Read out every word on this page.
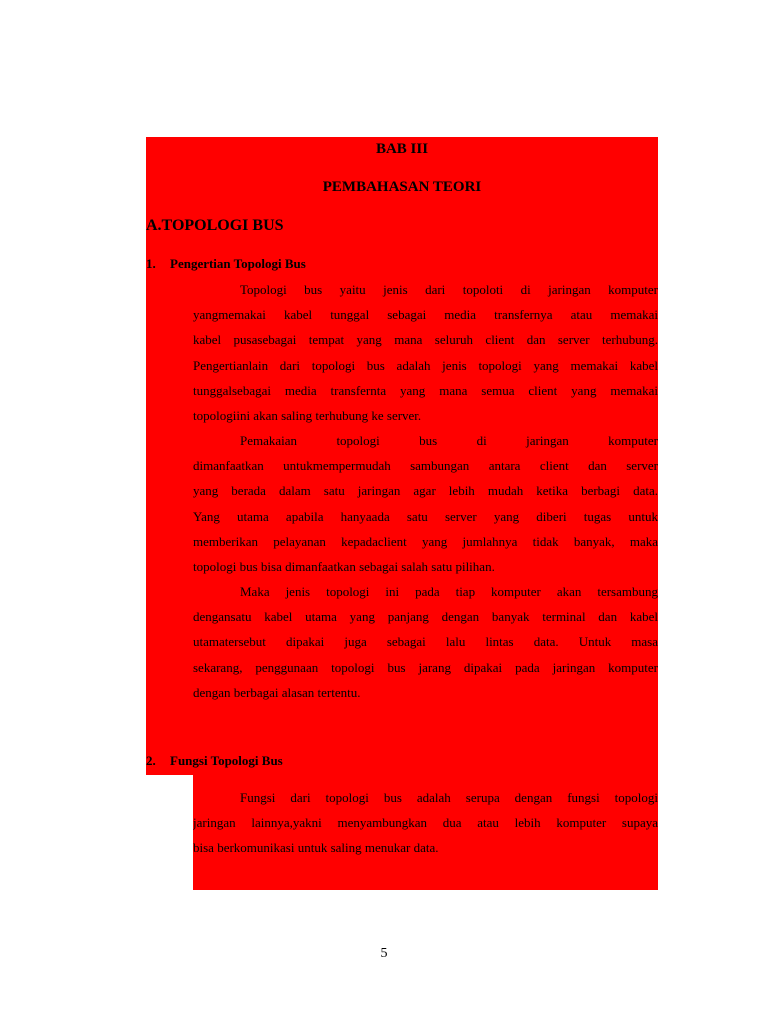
BAB III
PEMBAHASAN TEORI
A.TOPOLOGI BUS
1. Pengertian Topologi Bus
Topologi bus yaitu jenis dari topoloti di jaringan komputer
yangmemakai kabel tunggal sebagai media transfernya atau memakai
kabel pusasebagai tempat yang mana seluruh client dan server terhubung.
Pengertianlain dari topologi bus adalah jenis topologi yang memakai kabel
tunggalsebagai media transfernta yang mana semua client yang memakai
topologiini akan saling terhubung ke server.
Pemakaian topologi bus di jaringan komputer
dimanfaatkan untukmempermudah sambungan antara client dan server
yang berada dalam satu jaringan agar lebih mudah ketika berbagi data.
Yang utama apabila hanyaada satu server yang diberi tugas untuk
memberikan pelayanan kepadaclient yang jumlahnya tidak banyak, maka
topologi bus bisa dimanfaatkan sebagai salah satu pilihan.
Maka jenis topologi ini pada tiap komputer akan tersambung
dengansatu kabel utama yang panjang dengan banyak terminal dan kabel
utamatersebut dipakai juga sebagai lalu lintas data. Untuk masa
sekarang, penggunaan topologi bus jarang dipakai pada jaringan komputer
dengan berbagai alasan tertentu.
2. Fungsi Topologi Bus
Fungsi dari topologi bus adalah serupa dengan fungsi topologi
jaringan lainnya,yakni menyambungkan dua atau lebih komputer supaya
bisa berkomunikasi untuk saling menukar data.
5
